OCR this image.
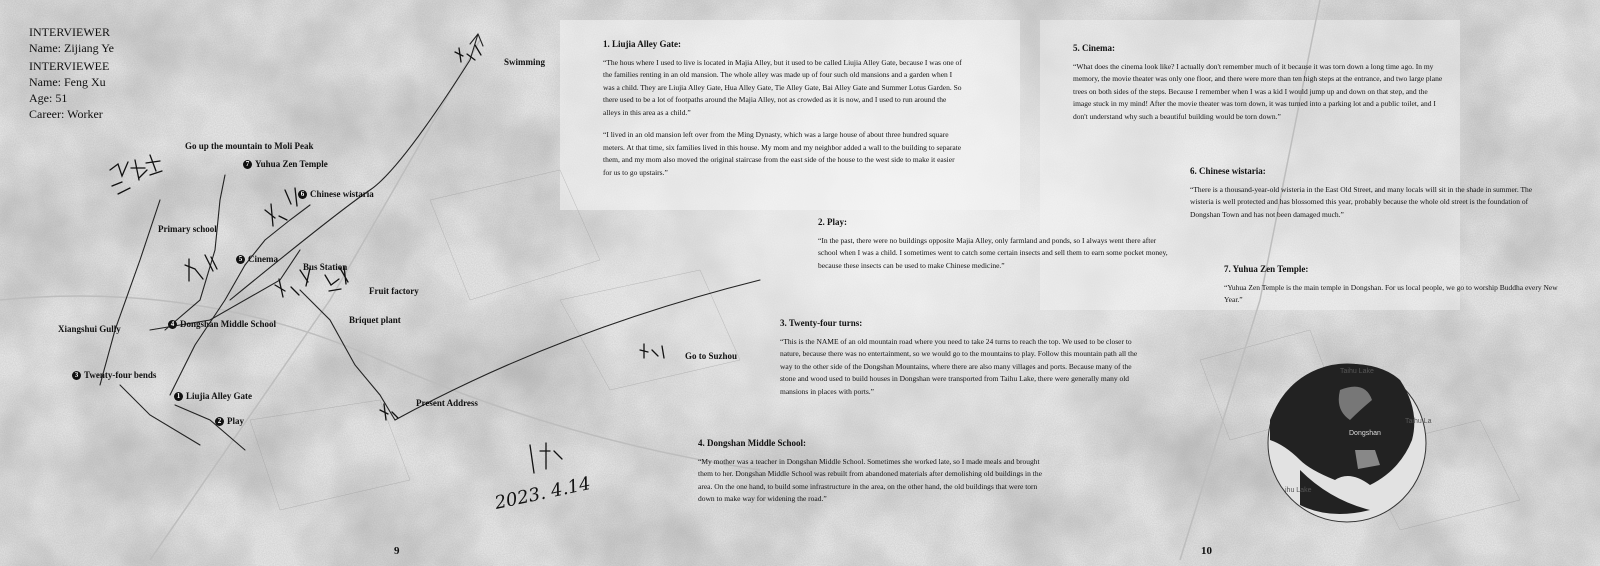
INTERVIEWER
Name: Zijiang Ye
INTERVIEWEE
Name: Feng Xu
Age: 51
Career: Worker
Go up the mountain to Moli Peak
7 Yuhua Zen Temple
6 Chinese wistaria
Primary school
5 Cinema
Bus Station
Fruit factory
Briquet plant
4 Dongshan Middle School
Xiangshui Gully
3 Twenty-four bends
1 Liujia Alley Gate
2 Play
Present Address
Go to Suzhou
Swimming
2023. 4.14
1. Liujia Alley Gate:

“The hous where I used to live is located in Majia Alley, but it used to be called Liujia Alley Gate, because I was one of the families renting in an old mansion. The whole alley was made up of four such old mansions and a garden when I was a child. They are Liujia Alley Gate, Hua Alley Gate, Tie Alley Gate, Bai Alley Gate and Summer Lotus Garden. So there used to be a lot of footpaths around the Majia Alley, not as crowded as it is now, and I used to run around the alleys in this area as a child.”

“I lived in an old mansion left over from the Ming Dynasty, which was a large house of about three hundred square meters. At that time, six families lived in this house. My mom and my neighbor added a wall to the building to separate them, and my mom also moved the original staircase from the east side of the house to the west side to make it easier for us to go upstairs.”

2. Play:

“In the past, there were no buildings opposite Majia Alley, only farmland and ponds, so I always went there after school when I was a child. I sometimes went to catch some certain insects and sell them to earn some pocket money, because these insects can be used to make Chinese medicine.”

3. Twenty-four turns:

“This is the NAME of an old mountain road where you need to take 24 turns to reach the top. We used to be closer to nature, because there was no entertainment, so we would go to the mountains to play. Follow this mountain path all the way to the other side of the Dongshan Mountains, where there are also many villages and ports. Because many of the stone and wood used to build houses in Dongshan were transported from Taihu Lake, there were generally many old mansions in places with ports.”

4. Dongshan Middle School:

“My mother was a teacher in Dongshan Middle School. Sometimes she worked late, so I made meals and brought them to her. Dongshan Middle School was rebuilt from abandoned materials after demolishing old buildings in the area. On the one hand, to build some infrastructure in the area, on the other hand, the old buildings that were torn down to make way for widening the road.”

5. Cinema:

“What does the cinema look like? I actually don't remember much of it because it was torn down a long time ago. In my memory, the movie theater was only one floor, and there were more than ten high steps at the entrance, and two large plane trees on both sides of the steps. Because I remember when I was a kid I would jump up and down on that step, and the image stuck in my mind! After the movie theater was torn down, it was turned into a parking lot and a public toilet, and I don't understand why such a beautiful building would be torn down.”

6. Chinese wistaria:

“There is a thousand-year-old wisteria in the East Old Street, and many locals will sit in the shade in summer. The wisteria is well protected and has blossomed this year, probably because the whole old street is the foundation of Dongshan Town and has not been damaged much.”

7. Yuhua Zen Temple:

“Yuhua Zen Temple is the main temple in Dongshan. For us local people, we go to worship Buddha every New Year.”

Taihu Lake
Taihu La
Dongshan
ihu Lake
9	10
